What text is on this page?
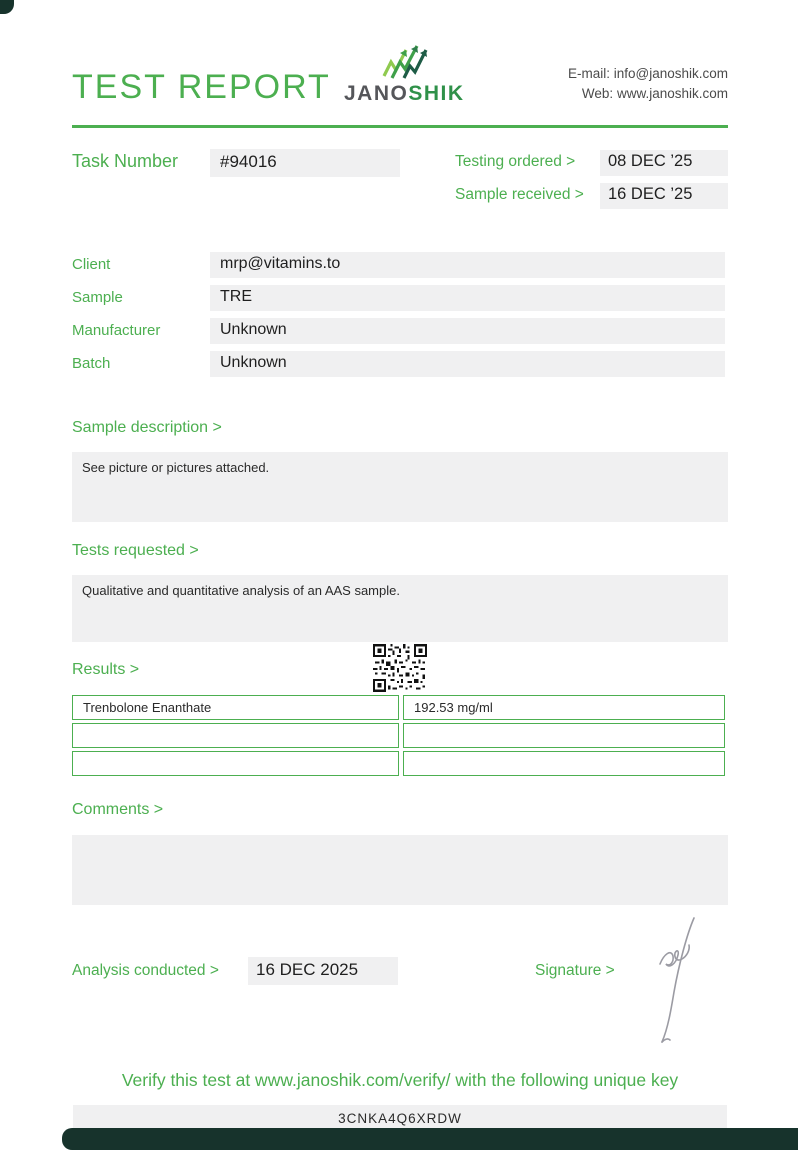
TEST REPORT JANOSHIK
E-mail: info@janoshik.com
Web: www.janoshik.com
Task Number #94016	Testing ordered > 08 DEC ’25
Sample received > 16 DEC ’25
Client	mrp@vitamins.to
Sample	TRE
Manufacturer	Unknown
Batch	Unknown
Sample description >
See picture or pictures attached.
Tests requested >
Qualitative and quantitative analysis of an AAS sample.
Results >
Trenbolone Enanthate	192.53 mg/ml
Comments >
Analysis conducted > 16 DEC 2025	Signature >
Verify this test at www.janoshik.com/verify/ with the following unique key
3CNKA4Q6XRDW
